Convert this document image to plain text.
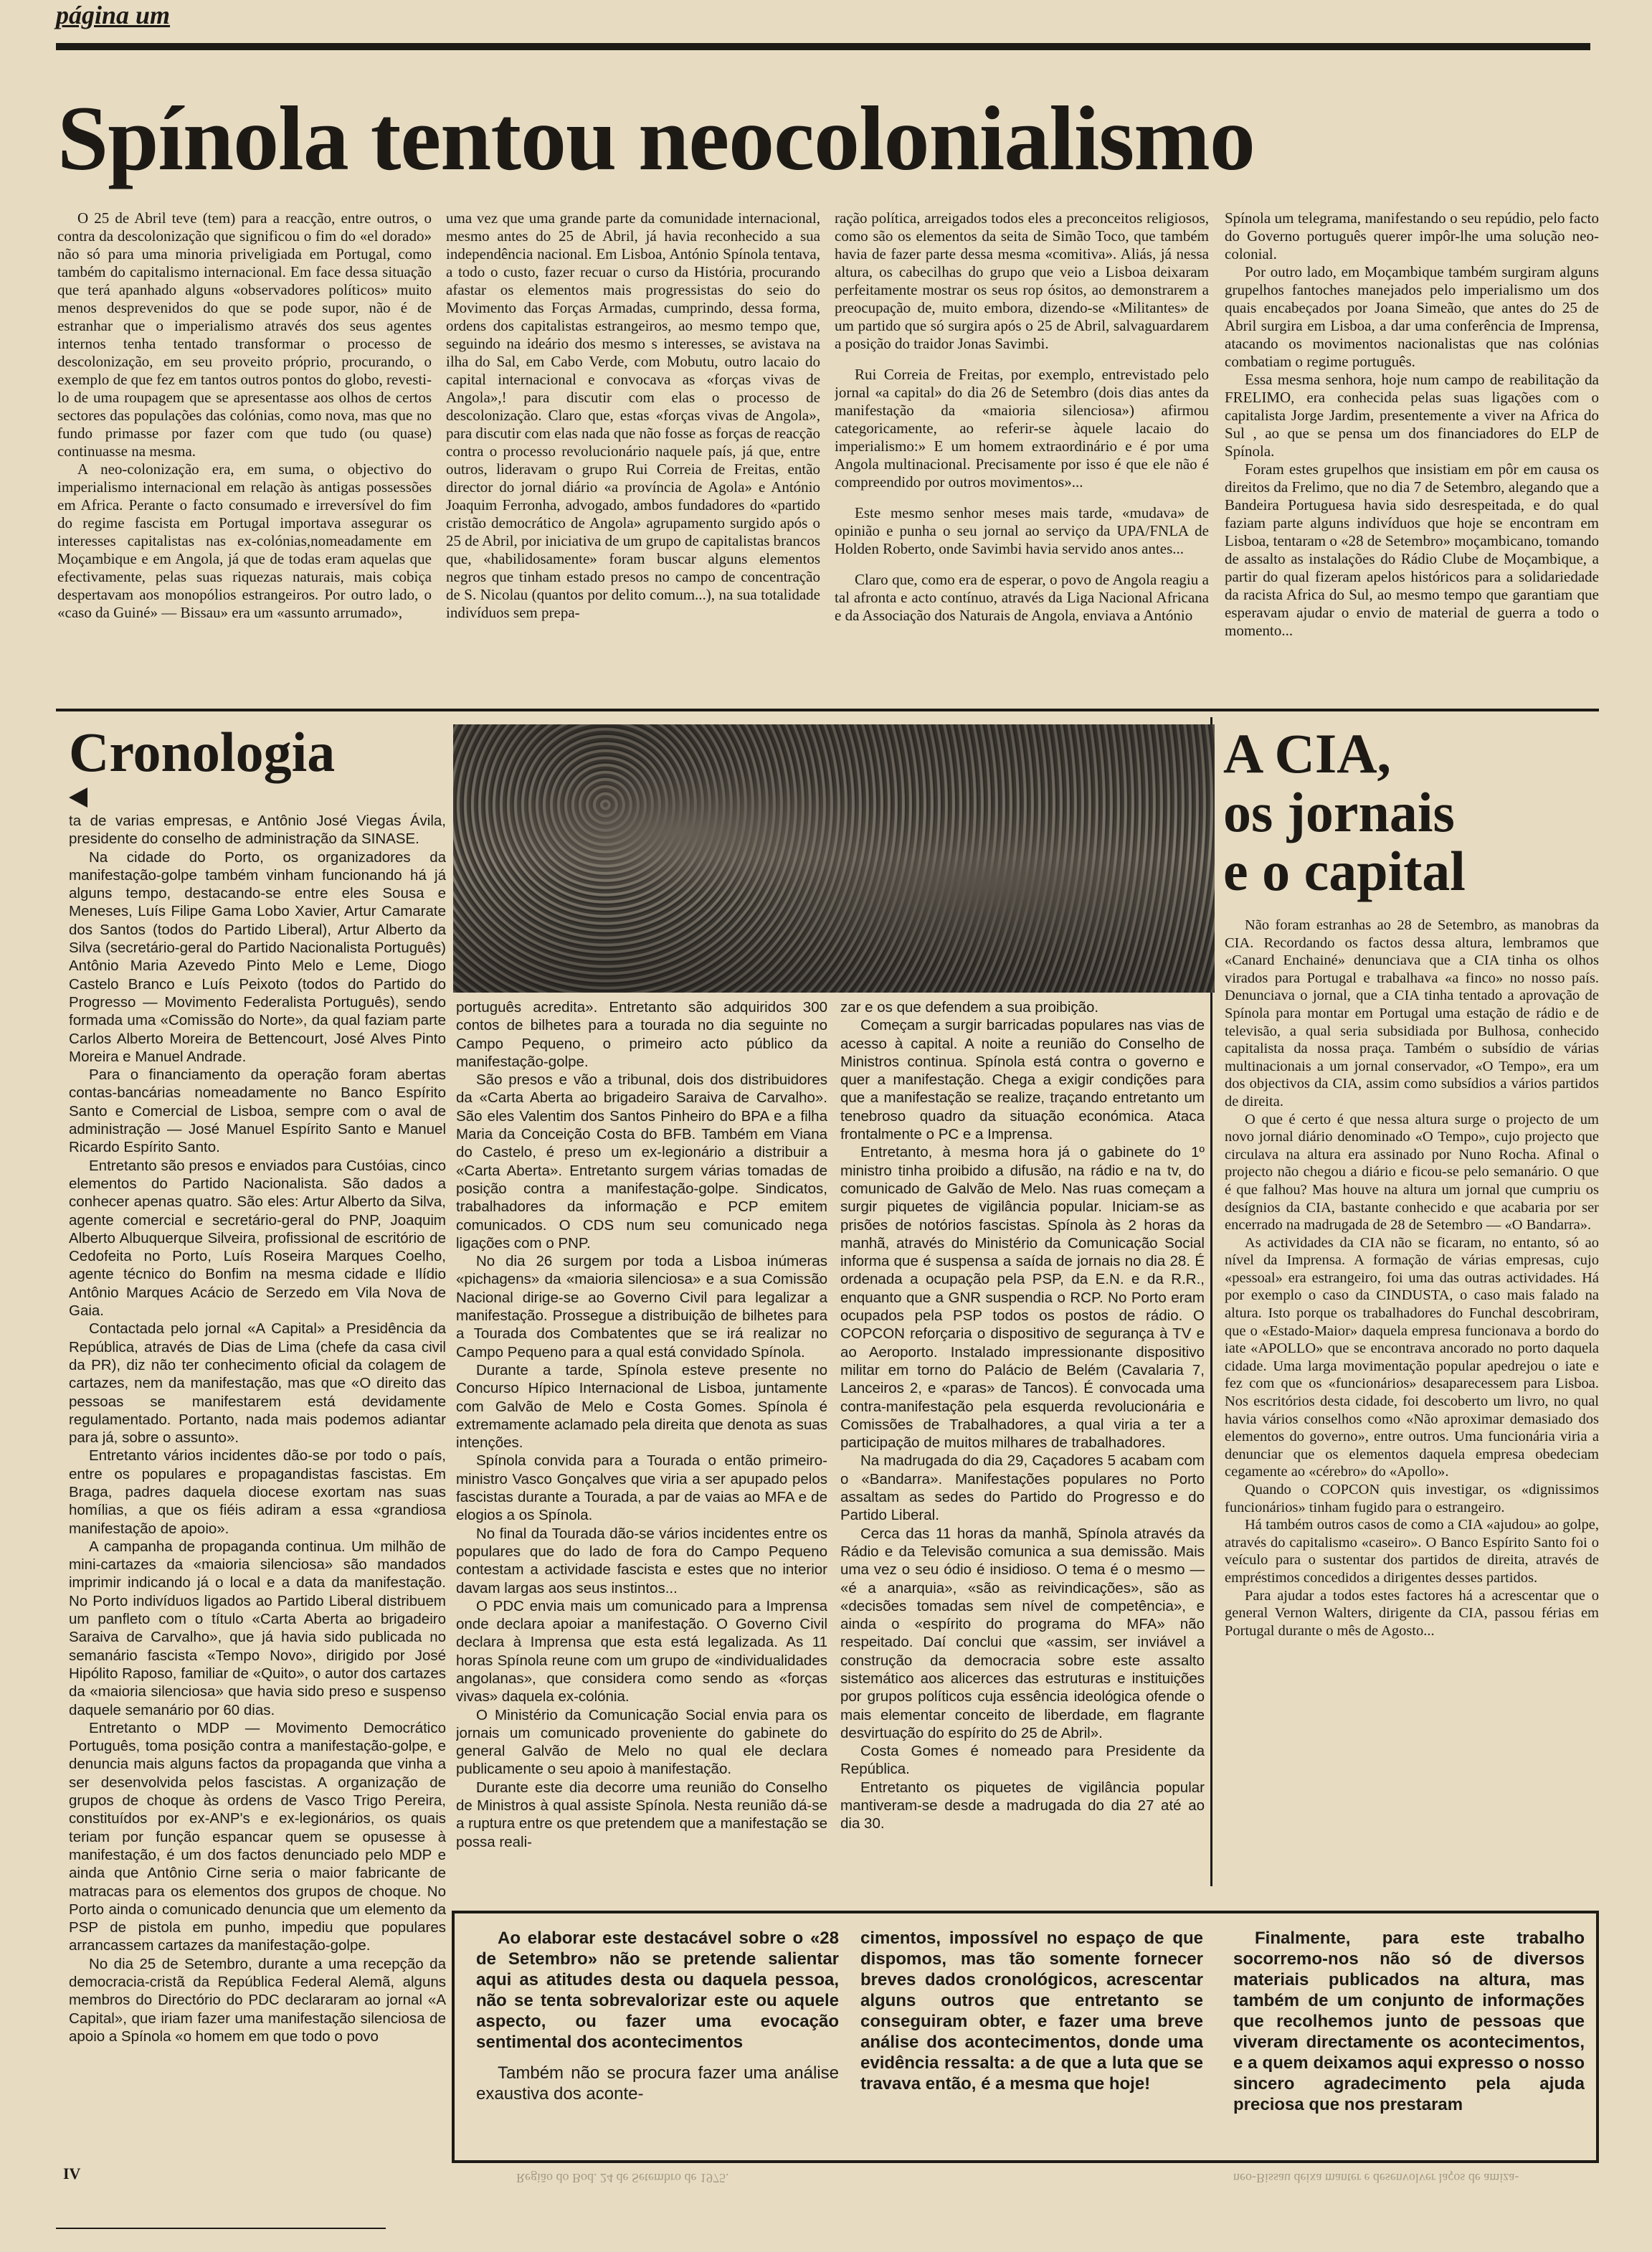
página um
Spínola tentou neocolonialismo

O 25 de Abril teve (tem) para a reacção, entre outros, o contra da descolonização que significou o fim do «el dorado» não só para uma minoria priveligiada em Portugal, como também do capitalismo internacional. Em face dessa situação que terá apanhado alguns «observadores políticos» muito menos desprevenidos do que se pode supor, não é de estranhar que o imperialismo através dos seus agentes internos tenha tentado transformar o processo de descolonização, em seu proveito próprio, procurando, o exemplo de que fez em tantos outros pontos do globo, revesti-lo de uma roupagem que se apresentasse aos olhos de certos sectores das populações das colónias, como nova, mas que no fundo primasse por fazer com que tudo (ou quase) continuasse na mesma.

A neo-colonização era, em suma, o objectivo do imperialismo internacional em relação às antigas possessões em Africa. Perante o facto consumado e irreversível do fim do regime fascista em Portugal importava assegurar os interesses capitalistas nas ex-colónias,nomeadamente em Moçambique e em Angola, já que de todas eram aquelas que efectivamente, pelas suas riquezas naturais, mais cobiça despertavam aos monopólios estrangeiros. Por outro lado, o «caso da Guiné» — Bissau» era um «assunto arrumado»,

uma vez que uma grande parte da comunidade internacional, mesmo antes do 25 de Abril, já havia reconhecido a sua independência nacional. Em Lisboa, António Spínola tentava, a todo o custo, fazer recuar o curso da História, procurando afastar os elementos mais progressistas do seio do Movimento das Forças Armadas, cumprindo, dessa forma, ordens dos capitalistas estrangeiros, ao mesmo tempo que, seguindo na ideário dos mesmo s interesses, se avistava na ilha do Sal, em Cabo Verde, com Mobutu, outro lacaio do capital internacional e convocava as «forças vivas de Angola»,! para discutir com elas o processo de descolonização. Claro que, estas «forças vivas de Angola», para discutir com elas nada que não fosse as forças de reacção contra o processo revolucionário naquele país, já que, entre outros, lideravam o grupo Rui Correia de Freitas, então director do jornal diário «a província de Agola» e António Joaquim Ferronha, advogado, ambos fundadores do «partido cristão democrático de Angola» agrupamento surgido após o 25 de Abril, por iniciativa de um grupo de capitalistas brancos que, «habilidosamente» foram buscar alguns elementos negros que tinham estado presos no campo de concentração de S. Nicolau (quantos por delito comum...), na sua totalidade indivíduos sem prepa-

ração política, arreigados todos eles a preconceitos religiosos, como são os elementos da seita de Simão Toco, que também havia de fazer parte dessa mesma «comitiva». Aliás, já nessa altura, os cabecilhas do grupo que veio a Lisboa deixaram perfeitamente mostrar os seus rop ósitos, ao demonstrarem a preocupação de, muito embora, dizendo-se «Militantes» de um partido que só surgira após o 25 de Abril, salvaguardarem a posição do traidor Jonas Savimbi.

Rui Correia de Freitas, por exemplo, entrevistado pelo jornal «a capital» do dia 26 de Setembro (dois dias antes da manifestação da «maioria silenciosa») afirmou categoricamente, ao referir-se àquele lacaio do imperialismo:» E um homem extraordinário e é por uma Angola multinacional. Precisamente por isso é que ele não é compreendido por outros movimentos»...

Este mesmo senhor meses mais tarde, «mudava» de opinião e punha o seu jornal ao serviço da UPA/FNLA de Holden Roberto, onde Savimbi havia servido anos antes...

Claro que, como era de esperar, o povo de Angola reagiu a tal afronta e acto contínuo, através da Liga Nacional Africana e da Associação dos Naturais de Angola, enviava a António

Spínola um telegrama, manifestando o seu repúdio, pelo facto do Governo português querer impôr-lhe uma solução neo-colonial.

Por outro lado, em Moçambique também surgiram alguns grupelhos fantoches manejados pelo imperialismo um dos quais encabeçados por Joana Simeão, que antes do 25 de Abril surgira em Lisboa, a dar uma conferência de Imprensa, atacando os movimentos nacionalistas que nas colónias combatiam o regime português.

Essa mesma senhora, hoje num campo de reabilitação da FRELIMO, era conhecida pelas suas ligações com o capitalista Jorge Jardim, presentemente a viver na Africa do Sul , ao que se pensa um dos financiadores do ELP de Spínola.

Foram estes grupelhos que insistiam em pôr em causa os direitos da Frelimo, que no dia 7 de Setembro, alegando que a Bandeira Portuguesa havia sido desrespeitada, e do qual faziam parte alguns indivíduos que hoje se encontram em Lisboa, tentaram o «28 de Setembro» moçambicano, tomando de assalto as instalações do Rádio Clube de Moçambique, a partir do qual fizeram apelos históricos para a solidariedade da racista Africa do Sul, ao mesmo tempo que garantiam que esperavam ajudar o envio de material de guerra a todo o momento...

Cronologia

ta de varias empresas, e Antônio José Viegas Ávila, presidente do conselho de administração da SINASE.

Na cidade do Porto, os organizadores da manifestação-golpe também vinham funcionando há já alguns tempo, destacando-se entre eles Sousa e Meneses, Luís Filipe Gama Lobo Xavier, Artur Camarate dos Santos (todos do Partido Liberal), Artur Alberto da Silva (secretário-geral do Partido Nacionalista Português) Antônio Maria Azevedo Pinto Melo e Leme, Diogo Castelo Branco e Luís Peixoto (todos do Partido do Progresso — Movimento Federalista Português), sendo formada uma «Comissão do Norte», da qual faziam parte Carlos Alberto Moreira de Bettencourt, José Alves Pinto Moreira e Manuel Andrade.

Para o financiamento da operação foram abertas contas-bancárias nomeadamente no Banco Espírito Santo e Comercial de Lisboa, sempre com o aval de administração — José Manuel Espírito Santo e Manuel Ricardo Espírito Santo.

Entretanto são presos e enviados para Custóias, cinco elementos do Partido Nacionalista. São dados a conhecer apenas quatro. São eles: Artur Alberto da Silva, agente comercial e secretário-geral do PNP, Joaquim Alberto Albuquerque Silveira, profissional de escritório de Cedofeita no Porto, Luís Roseira Marques Coelho, agente técnico do Bonfim na mesma cidade e Ilídio Antônio Marques Acácio de Serzedo em Vila Nova de Gaia.

Contactada pelo jornal «A Capital» a Presidência da República, através de Dias de Lima (chefe da casa civil da PR), diz não ter conhecimento oficial da colagem de cartazes, nem da manifestação, mas que «O direito das pessoas se manifestarem está devidamente regulamentado. Portanto, nada mais podemos adiantar para já, sobre o assunto».

Entretanto vários incidentes dão-se por todo o país, entre os populares e propagandistas fascistas. Em Braga, padres daquela diocese exortam nas suas homílias, a que os fiéis adiram a essa «grandiosa manifestação de apoio».

A campanha de propaganda continua. Um milhão de mini-cartazes da «maioria silenciosa» são mandados imprimir indicando já o local e a data da manifestação. No Porto indivíduos ligados ao Partido Liberal distribuem um panfleto com o título «Carta Aberta ao brigadeiro Saraiva de Carvalho», que já havia sido publicada no semanário fascista «Tempo Novo», dirigido por José Hipólito Raposo, familiar de «Quito», o autor dos cartazes da «maioria silenciosa» que havia sido preso e suspenso daquele semanário por 60 dias.

Entretanto o MDP — Movimento Democrático Português, toma posição contra a manifestação-golpe, e denuncia mais alguns factos da propaganda que vinha a ser desenvolvida pelos fascistas. A organização de grupos de choque às ordens de Vasco Trigo Pereira, constituídos por ex-ANP's e ex-legionários, os quais teriam por função espancar quem se opusesse à manifestação, é um dos factos denunciado pelo MDP e ainda que Antônio Cirne seria o maior fabricante de matracas para os elementos dos grupos de choque. No Porto ainda o comunicado denuncia que um elemento da PSP de pistola em punho, impediu que populares arrancassem cartazes da manifestação-golpe.

No dia 25 de Setembro, durante a uma recepção da democracia-cristã da República Federal Alemã, alguns membros do Directório do PDC declararam ao jornal «A Capital», que iriam fazer uma manifestação silenciosa de apoio a Spínola «o homem em que todo o povo

português acredita». Entretanto são adquiridos 300 contos de bilhetes para a tourada no dia seguinte no Campo Pequeno, o primeiro acto público da manifestação-golpe.

São presos e vão a tribunal, dois dos distribuidores da «Carta Aberta ao brigadeiro Saraiva de Carvalho». São eles Valentim dos Santos Pinheiro do BPA e a filha Maria da Conceição Costa do BFB. Também em Viana do Castelo, é preso um ex-legionário a distribuir a «Carta Aberta». Entretanto surgem várias tomadas de posição contra a manifestação-golpe. Sindicatos, trabalhadores da informação e PCP emitem comunicados. O CDS num seu comunicado nega ligações com o PNP.

No dia 26 surgem por toda a Lisboa inúmeras «pichagens» da «maioria silenciosa» e a sua Comissão Nacional dirige-se ao Governo Civil para legalizar a manifestação. Prossegue a distribuição de bilhetes para a Tourada dos Combatentes que se irá realizar no Campo Pequeno para a qual está convidado Spínola.

Durante a tarde, Spínola esteve presente no Concurso Hípico Internacional de Lisboa, juntamente com Galvão de Melo e Costa Gomes. Spínola é extremamente aclamado pela direita que denota as suas intenções.

Spínola convida para a Tourada o então primeiro-ministro Vasco Gonçalves que viria a ser apupado pelos fascistas durante a Tourada, a par de vaias ao MFA e de elogios a os Spínola.

No final da Tourada dão-se vários incidentes entre os populares que do lado de fora do Campo Pequeno contestam a actividade fascista e estes que no interior davam largas aos seus instintos...

O PDC envia mais um comunicado para a Imprensa onde declara apoiar a manifestação. O Governo Civil declara à Imprensa que esta está legalizada. As 11 horas Spínola reune com um grupo de «individualidades angolanas», que considera como sendo as «forças vivas» daquela ex-colónia.

O Ministério da Comunicação Social envia para os jornais um comunicado proveniente do gabinete do general Galvão de Melo no qual ele declara publicamente o seu apoio à manifestação.

Durante este dia decorre uma reunião do Conselho de Ministros à qual assiste Spínola. Nesta reunião dá-se a ruptura entre os que pretendem que a manifestação se possa reali-

zar e os que defendem a sua proibição.

Começam a surgir barricadas populares nas vias de acesso à capital. A noite a reunião do Conselho de Ministros continua. Spínola está contra o governo e quer a manifestação. Chega a exigir condições para que a manifestação se realize, traçando entretanto um tenebroso quadro da situação económica. Ataca frontalmente o PC e a Imprensa.

Entretanto, à mesma hora já o gabinete do 1º ministro tinha proibido a difusão, na rádio e na tv, do comunicado de Galvão de Melo. Nas ruas começam a surgir piquetes de vigilância popular. Iniciam-se as prisões de notórios fascistas. Spínola às 2 horas da manhã, através do Ministério da Comunicação Social informa que é suspensa a saída de jornais no dia 28. É ordenada a ocupação pela PSP, da E.N. e da R.R., enquanto que a GNR suspendia o RCP. No Porto eram ocupados pela PSP todos os postos de rádio. O COPCON reforçaria o dispositivo de segurança à TV e ao Aeroporto. Instalado impressionante dispositivo militar em torno do Palácio de Belém (Cavalaria 7, Lanceiros 2, e «paras» de Tancos). É convocada uma contra-manifestação pela esquerda revolucionária e Comissões de Trabalhadores, a qual viria a ter a participação de muitos milhares de trabalhadores.

Na madrugada do dia 29, Caçadores 5 acabam com o «Bandarra». Manifestações populares no Porto assaltam as sedes do Partido do Progresso e do Partido Liberal.

Cerca das 11 horas da manhã, Spínola através da Rádio e da Televisão comunica a sua demissão. Mais uma vez o seu ódio é insidioso. O tema é o mesmo — «é a anarquia», «são as reivindicações», são as «decisões tomadas sem nível de competência», e ainda o «espírito do programa do MFA» não respeitado. Daí conclui que «assim, ser inviável a construção da democracia sobre este assalto sistemático aos alicerces das estruturas e instituições por grupos políticos cuja essência ideológica ofende o mais elementar conceito de liberdade, em flagrante desvirtuação do espírito do 25 de Abril».

Costa Gomes é nomeado para Presidente da República.

Entretanto os piquetes de vigilância popular mantiveram-se desde a madrugada do dia 27 até ao dia 30.

A CIA,
os jornais
e o capital

Não foram estranhas ao 28 de Setembro, as manobras da CIA. Recordando os factos dessa altura, lembramos que «Canard Enchainé» denunciava que a CIA tinha os olhos virados para Portugal e trabalhava «a finco» no nosso país. Denunciava o jornal, que a CIA tinha tentado a aprovação de Spínola para montar em Portugal uma estação de rádio e de televisão, a qual seria subsidiada por Bulhosa, conhecido capitalista da nossa praça. Também o subsídio de várias multinacionais a um jornal conservador, «O Tempo», era um dos objectivos da CIA, assim como subsídios a vários partidos de direita.

O que é certo é que nessa altura surge o projecto de um novo jornal diário denominado «O Tempo», cujo projecto que circulava na altura era assinado por Nuno Rocha. Afinal o projecto não chegou a diário e ficou-se pelo semanário. O que é que falhou? Mas houve na altura um jornal que cumpriu os desígnios da CIA, bastante conhecido e que acabaria por ser encerrado na madrugada de 28 de Setembro — «O Bandarra».

As actividades da CIA não se ficaram, no entanto, só ao nível da Imprensa. A formação de várias empresas, cujo «pessoal» era estrangeiro, foi uma das outras actividades. Há por exemplo o caso da CINDUSTA, o caso mais falado na altura. Isto porque os trabalhadores do Funchal descobriram, que o «Estado-Maior» daquela empresa funcionava a bordo do iate «APOLLO» que se encontrava ancorado no porto daquela cidade. Uma larga movimentação popular apedrejou o iate e fez com que os «funcionários» desaparecessem para Lisboa. Nos escritórios desta cidade, foi descoberto um livro, no qual havia vários conselhos como «Não aproximar demasiado dos elementos do governo», entre outros. Uma funcionária viria a denunciar que os elementos daquela empresa obedeciam cegamente ao «cérebro» do «Apollo».

Quando o COPCON quis investigar, os «dignissimos funcionários» tinham fugido para o estrangeiro.

Há também outros casos de como a CIA «ajudou» ao golpe, através do capitalismo «caseiro». O Banco Espírito Santo foi o veículo para o sustentar dos partidos de direita, através de empréstimos concedidos a dirigentes desses partidos.

Para ajudar a todos estes factores há a acrescentar que o general Vernon Walters, dirigente da CIA, passou férias em Portugal durante o mês de Agosto...

Ao elaborar este destacável sobre o «28 de Setembro» não se pretende salientar aqui as atitudes desta ou daquela pessoa, não se tenta sobrevalorizar este ou aquele aspecto, ou fazer uma evocação sentimental dos acontecimentos

Também não se procura fazer uma análise exaustiva dos aconte-

cimentos, impossível no espaço de que dispomos, mas tão somente fornecer breves dados cronológicos, acrescentar alguns outros que entretanto se conseguiram obter, e fazer uma breve análise dos acontecimentos, donde uma evidência ressalta: a de que a luta que se travava então, é a mesma que hoje!

Finalmente, para este trabalho socorremo-nos não só de diversos materiais publicados na altura, mas também de um conjunto de informações que recolhemos junto de pessoas que viveram directamente os acontecimentos, e a quem deixamos aqui expresso o nosso sincero agradecimento pela ajuda preciosa que nos prestaram

IV	Região do Bod. 24 de Setembro de 1975.	neo-Bissau deixa manter e desenvolver laços de amiza-
